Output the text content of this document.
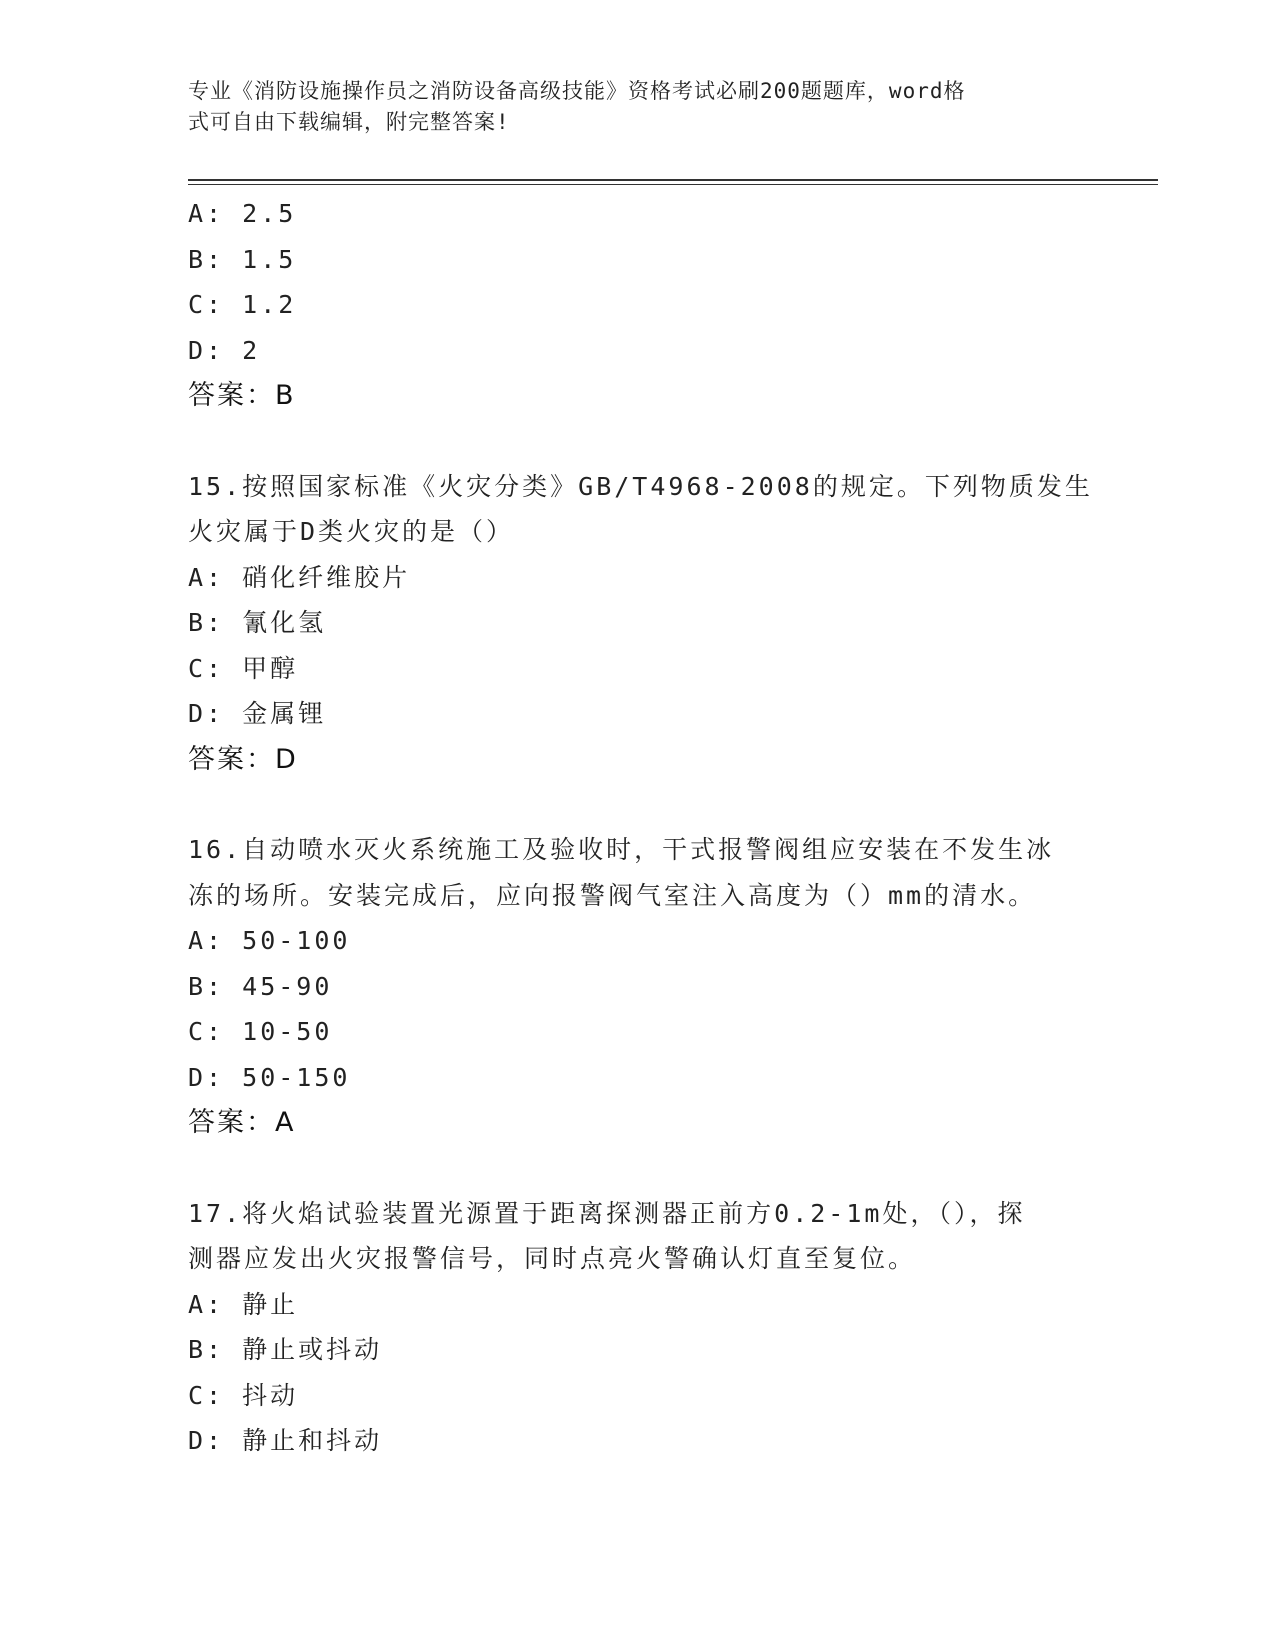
专业《消防设施操作员之消防设备高级技能》资格考试必刷200题题库，word格
式可自由下载编辑，附完整答案!
A: 2.5
B: 1.5
C: 1.2
D: 2
答案：B
15.按照国家标准《火灾分类》GB/T4968-2008的规定。下列物质发生
火灾属于D类火灾的是（）
A: 硝化纤维胶片
B: 氰化氢
C: 甲醇
D: 金属锂
答案：D
16.自动喷水灭火系统施工及验收时，干式报警阀组应安装在不发生冰
冻的场所。安装完成后，应向报警阀气室注入高度为（）mm的清水。
A: 50-100
B: 45-90
C: 10-50
D: 50-150
答案：A
17.将火焰试验装置光源置于距离探测器正前方0.2-1m处，（），探
测器应发出火灾报警信号，同时点亮火警确认灯直至复位。
A: 静止
B: 静止或抖动
C: 抖动
D: 静止和抖动
